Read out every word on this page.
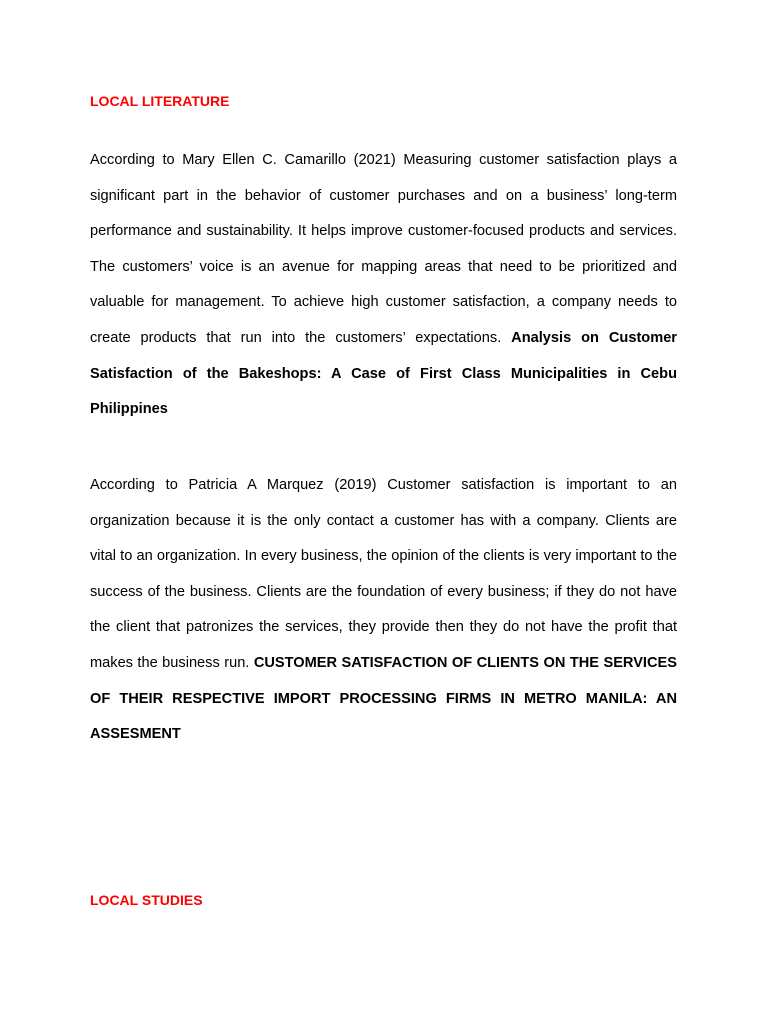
LOCAL LITERATURE

According to Mary Ellen C. Camarillo (2021) Measuring customer satisfaction plays a significant part in the behavior of customer purchases and on a business’ long-term performance and sustainability. It helps improve customer-focused products and services. The customers’ voice is an avenue for mapping areas that need to be prioritized and valuable for management. To achieve high customer satisfaction, a company needs to create products that run into the customers’ expectations. Analysis on Customer Satisfaction of the Bakeshops: A Case of First Class Municipalities in Cebu Philippines

According to Patricia A Marquez (2019) Customer satisfaction is important to an organization because it is the only contact a customer has with a company. Clients are vital to an organization. In every business, the opinion of the clients is very important to the success of the business. Clients are the foundation of every business; if they do not have the client that patronizes the services, they provide then they do not have the profit that makes the business run. CUSTOMER SATISFACTION OF CLIENTS ON THE SERVICES OF THEIR RESPECTIVE IMPORT PROCESSING FIRMS IN METRO MANILA: AN ASSESMENT

LOCAL STUDIES
